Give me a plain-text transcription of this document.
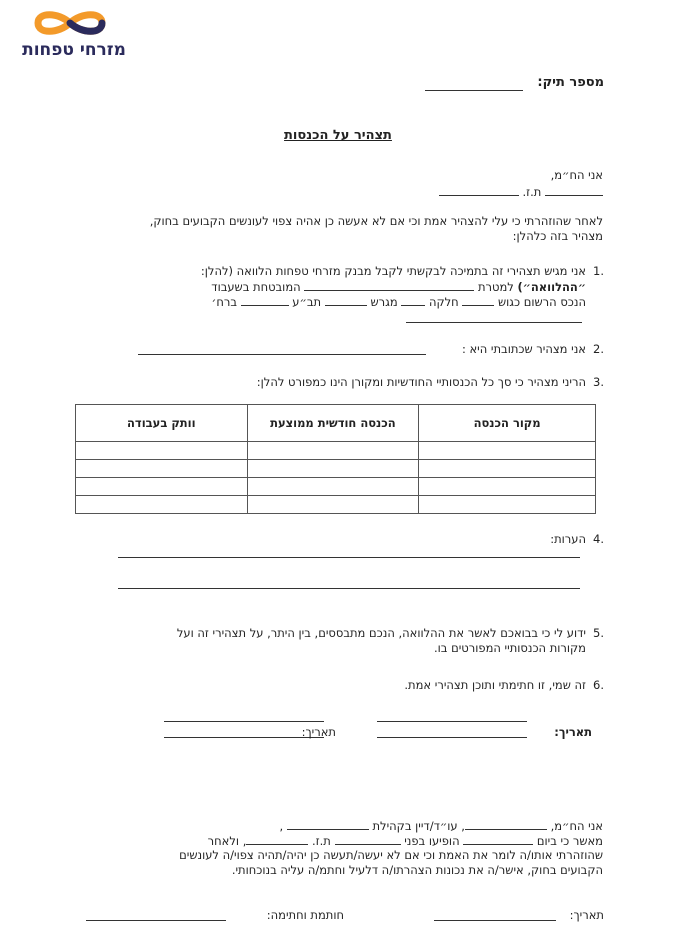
מזרחי טפחות
מספר תיק:
תצהיר על הכנסות
אני הח״מ,
ת.ז.
לאחר שהוזהרתי כי עלי להצהיר אמת וכי אם לא אעשה כן אהיה צפוי לעונשים הקבועים בחוק,
מצהיר בזה כלהלן:
1.
אני מגיש תצהירי זה בתמיכה לבקשתי לקבל מבנק מזרחי טפחות הלוואה (להלן:
״ההלוואה״) למטרת  המובטחת בשעבוד
הנכס הרשום כגוש  חלקה  מגרש  תב״ע  ברח׳
2.
אני מצהיר שכתובתי היא :
3.
הריני מצהיר כי סך כל הכנסותיי החודשיות ומקורן הינו כמפורט להלן:
מקור הכנסה	הכנסה חודשית ממוצעת	וותק בעבודה

4.
הערות:
5.
ידוע לי כי בבואכם לאשר את ההלוואה, הנכם מתבססים, בין היתר, על תצהירי זה ועל
מקורות הכנסותיי המפורטים בו.
6.
זה שמי, זו חתימתי ותוכן תצהירי אמת.
תאריך:
תאריך:
אני הח״מ, , עו״ד/דיין בקהילת  ,
מאשר כי ביום  הופיעו בפני  ת.ז. , ולאחר
שהוזהרתי אותו/ה לומר את האמת וכי אם לא יעשה/תעשה כן יהיה/תהיה צפוי/ה לעונשים
הקבועים בחוק, אישר/ה את נכונות הצהרתו/ה דלעיל וחתמ/ה עליה בנוכחותי.
תאריך:
חותמת וחתימה:
